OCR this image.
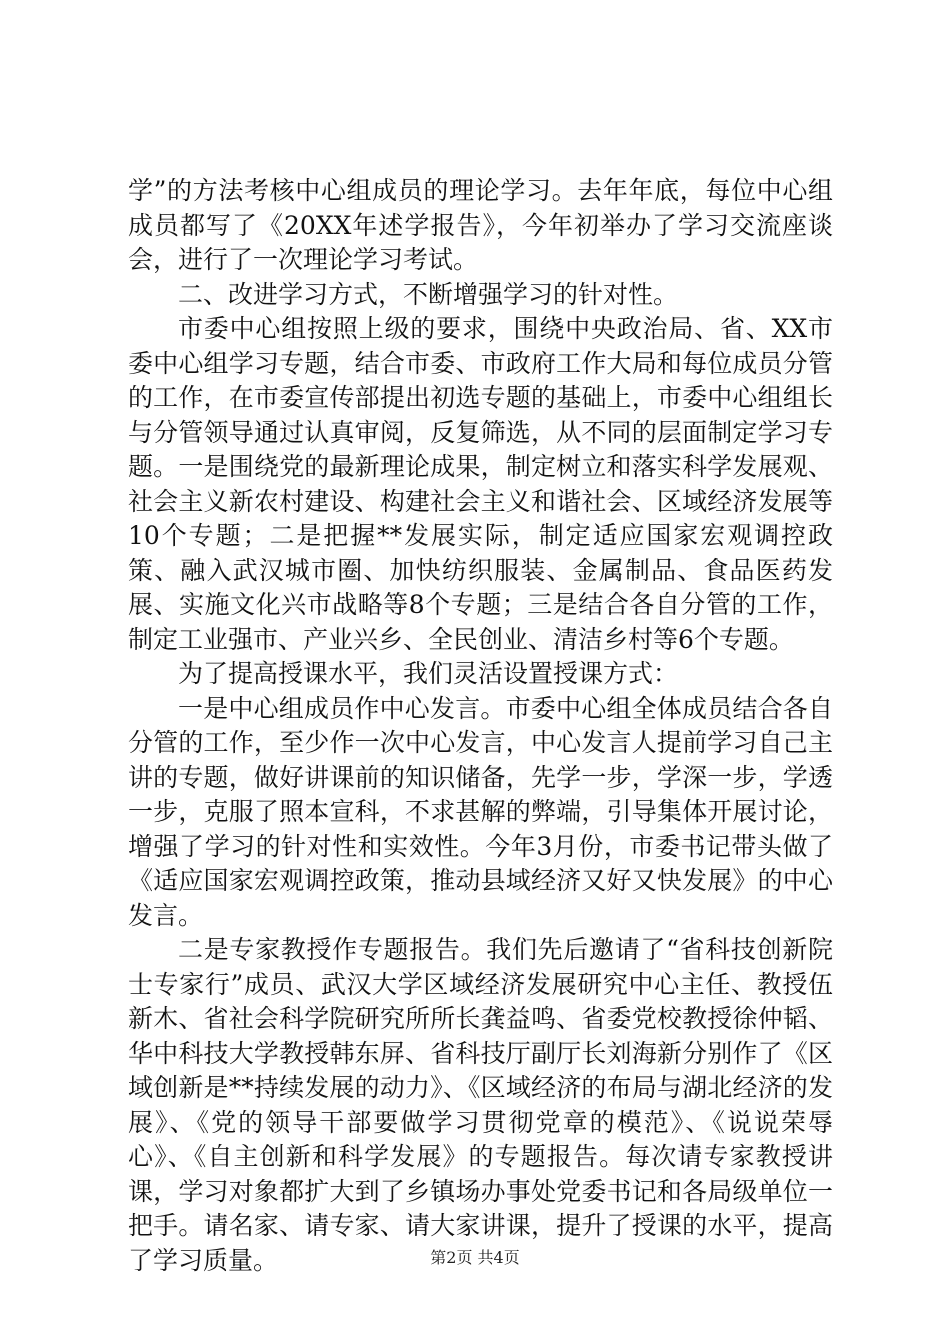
学”的方法考核中心组成员的理论学习。去年年底，每位中心组成员都写了《20XX年述学报告》，今年初举办了学习交流座谈会，进行了一次理论学习考试。

二、改进学习方式，不断增强学习的针对性。

市委中心组按照上级的要求，围绕中央政治局、省、XX市委中心组学习专题，结合市委、市政府工作大局和每位成员分管的工作，在市委宣传部提出初选专题的基础上，市委中心组组长与分管领导通过认真审阅，反复筛选，从不同的层面制定学习专题。一是围绕党的最新理论成果，制定树立和落实科学发展观、社会主义新农村建设、构建社会主义和谐社会、区域经济发展等10个专题；二是把握**发展实际，制定适应国家宏观调控政策、融入武汉城市圈、加快纺织服装、金属制品、食品医药发展、实施文化兴市战略等8个专题；三是结合各自分管的工作，制定工业强市、产业兴乡、全民创业、清洁乡村等6个专题。

为了提高授课水平，我们灵活设置授课方式：

一是中心组成员作中心发言。市委中心组全体成员结合各自分管的工作，至少作一次中心发言，中心发言人提前学习自己主讲的专题，做好讲课前的知识储备，先学一步，学深一步，学透一步，克服了照本宣科，不求甚解的弊端，引导集体开展讨论，增强了学习的针对性和实效性。今年3月份，市委书记带头做了《适应国家宏观调控政策，推动县域经济又好又快发展》的中心发言。

二是专家教授作专题报告。我们先后邀请了“省科技创新院士专家行”成员、武汉大学区域经济发展研究中心主任、教授伍新木、省社会科学院研究所所长龚益鸣、省委党校教授徐仲韬、华中科技大学教授韩东屏、省科技厅副厅长刘海新分别作了《区域创新是**持续发展的动力》、《区域经济的布局与湖北经济的发展》、《党的领导干部要做学习贯彻党章的模范》、《说说荣辱心》、《自主创新和科学发展》的专题报告。每次请专家教授讲课，学习对象都扩大到了乡镇场办事处党委书记和各局级单位一把手。请名家、请专家、请大家讲课，提升了授课的水平，提高了学习质量。	第2页 共4页
